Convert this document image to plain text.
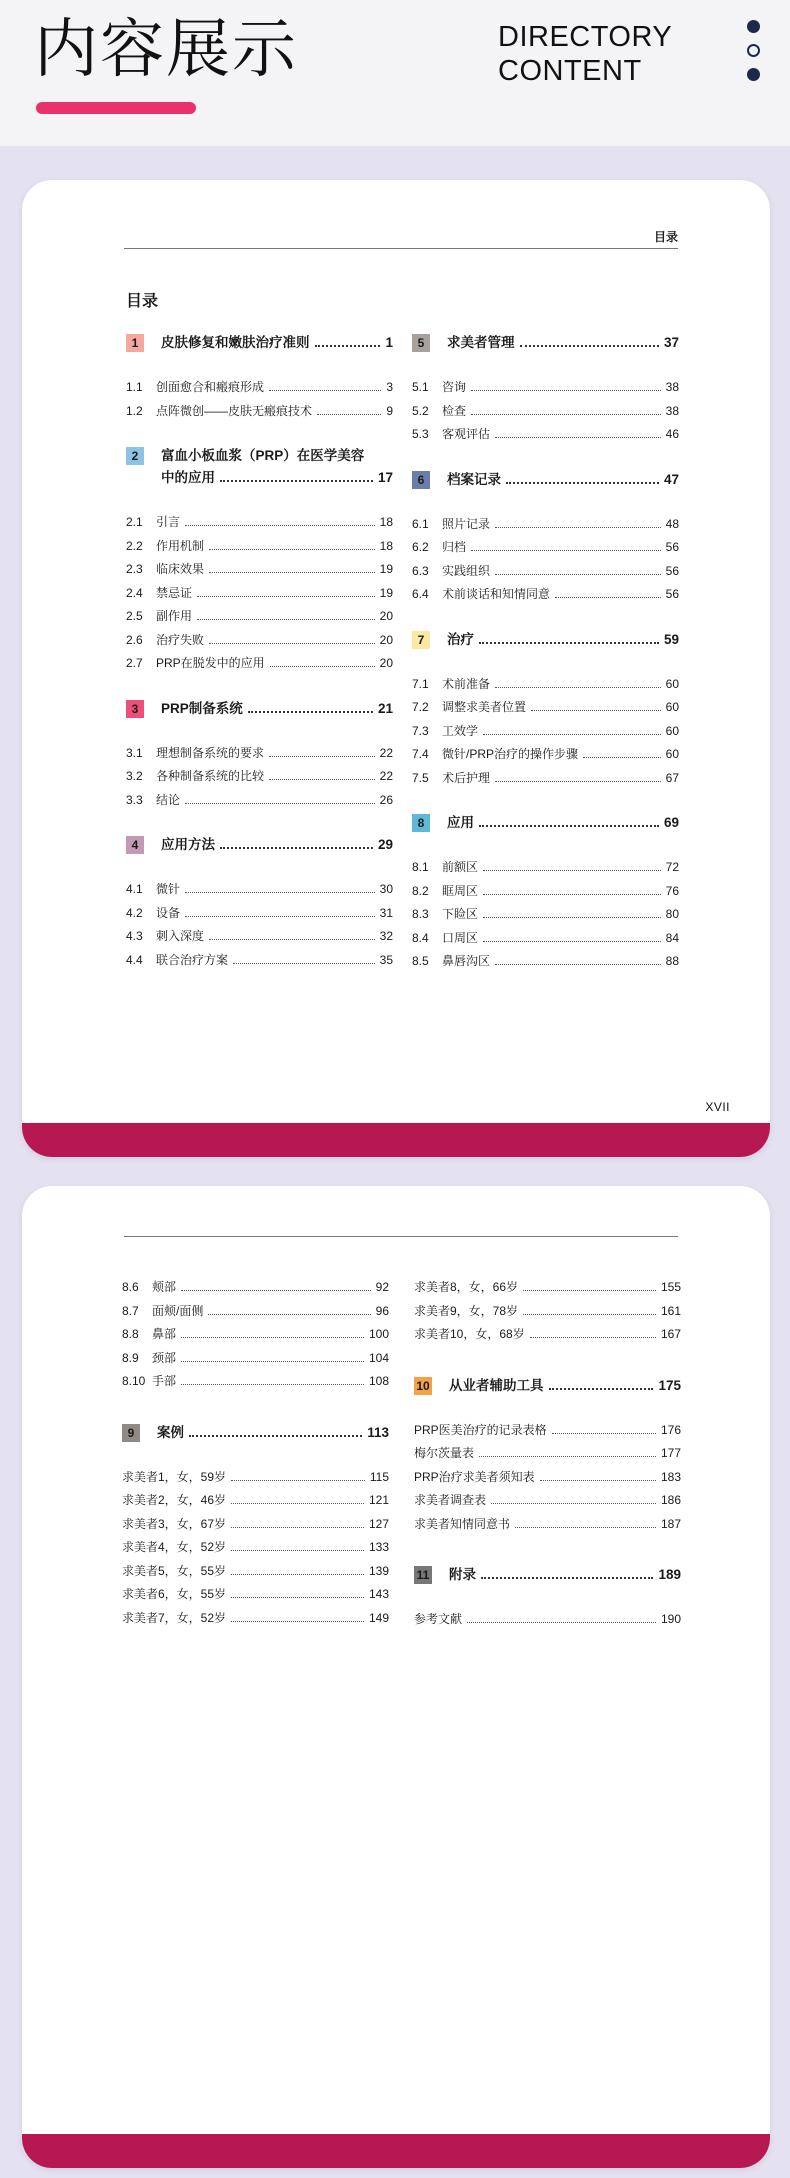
内容展示	DIRECTORY
CONTENT
目录
目录
1	皮肤修复和嫩肤治疗准则	1
1.1	创面愈合和瘢痕形成	3
1.2	点阵微创——皮肤无瘢痕技术	9
2	富血小板血浆（PRP）在医学美容
中的应用	17
2.1	引言	18
2.2	作用机制	18
2.3	临床效果	19
2.4	禁忌证	19
2.5	副作用	20
2.6	治疗失败	20
2.7	PRP在脱发中的应用	20
3	PRP制备系统	21
3.1	理想制备系统的要求	22
3.2	各种制备系统的比较	22
3.3	结论	26
4	应用方法	29
4.1	微针	30
4.2	设备	31
4.3	刺入深度	32
4.4	联合治疗方案	35
5	求美者管理	37
5.1	咨询	38
5.2	检查	38
5.3	客观评估	46
6	档案记录	47
6.1	照片记录	48
6.2	归档	56
6.3	实践组织	56
6.4	术前谈话和知情同意	56
7	治疗	59
7.1	术前准备	60
7.2	调整求美者位置	60
7.3	工效学	60
7.4	微针/PRP治疗的操作步骤	60
7.5	术后护理	67
8	应用	69
8.1	前额区	72
8.2	眶周区	76
8.3	下睑区	80
8.4	口周区	84
8.5	鼻唇沟区	88
XVII
8.6	颊部	92
8.7	面颊/面侧	96
8.8	鼻部	100
8.9	颈部	104
8.10 手部	108
9	案例	113
求美者1，女，59岁	115
求美者2，女，46岁	121
求美者3，女，67岁	127
求美者4，女，52岁	133
求美者5，女，55岁	139
求美者6，女，55岁	143
求美者7，女，52岁	149
求美者8，女，66岁	155
求美者9，女，78岁	161
求美者10，女，68岁	167
10 从业者辅助工具	175
PRP医美治疗的记录表格	176
梅尔茨量表	177
PRP治疗求美者须知表	183
求美者调查表	186
求美者知情同意书	187
11 附录	189
参考文献	190
